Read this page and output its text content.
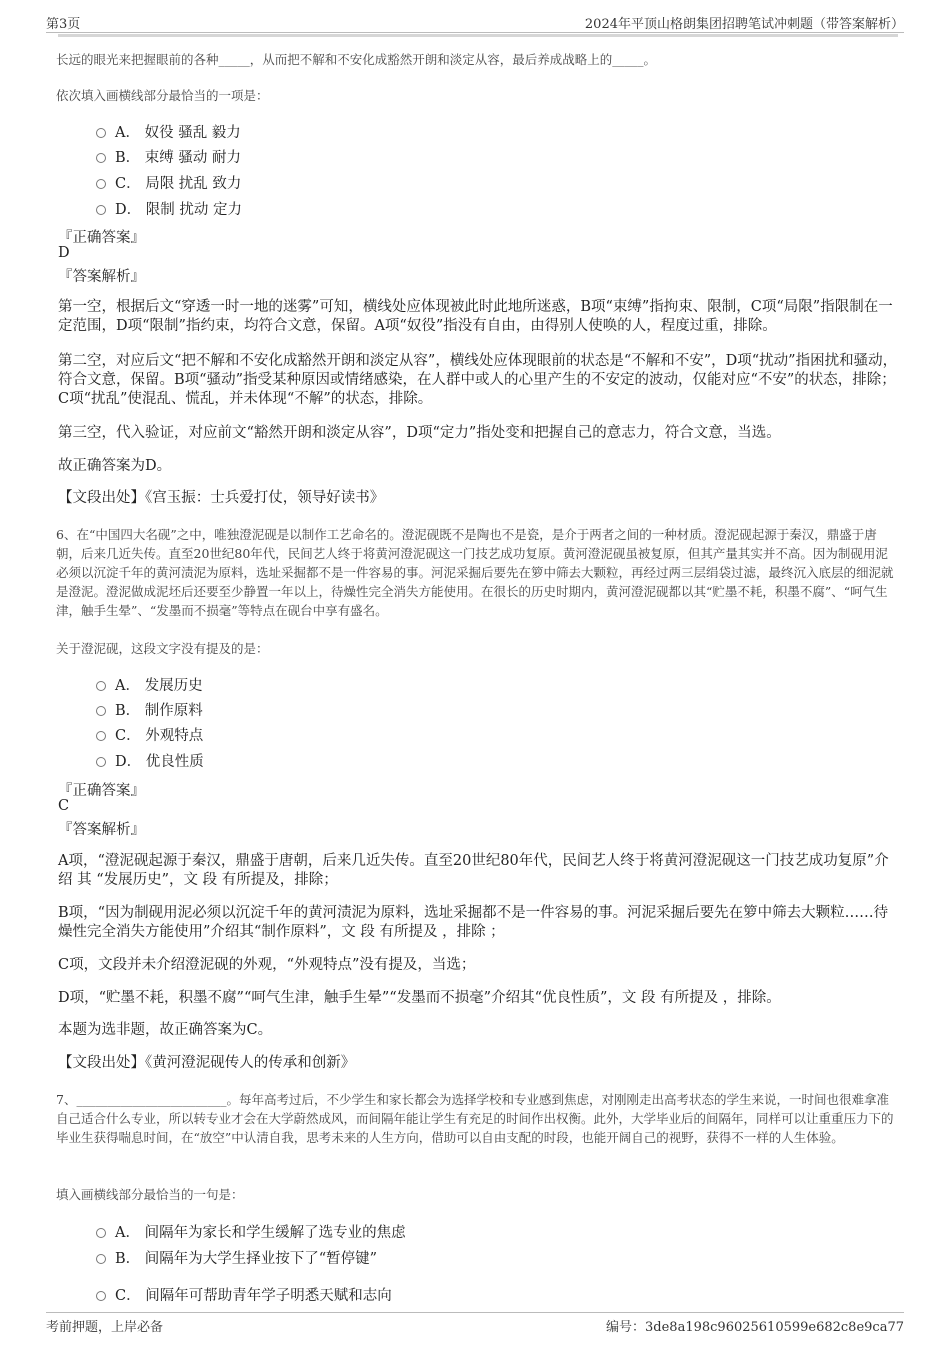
第3页	2024年平顶山格朗集团招聘笔试冲刺题（带答案解析）
长远的眼光来把握眼前的各种_____，从而把不解和不安化成豁然开朗和淡定从容，最后养成战略上的_____。
依次填入画横线部分最恰当的一项是：
A． 奴役 骚乱 毅力
B． 束缚 骚动 耐力
C． 局限 扰乱 致力
D． 限制 扰动 定力
『正确答案』
D
『答案解析』
第一空，根据后文“穿透一时一地的迷雾”可知，横线处应体现被此时此地所迷惑，B项“束缚”指拘束、限制，C项“局限”指限制在一定范围，D项“限制”指约束，均符合文意，保留。A项“奴役”指没有自由，由得别人使唤的人，程度过重，排除。
第二空，对应后文“把不解和不安化成豁然开朗和淡定从容”，横线处应体现眼前的状态是“不解和不安”，D项“扰动”指困扰和骚动，符合文意，保留。B项“骚动”指受某种原因或情绪感染，在人群中或人的心里产生的不安定的波动，仅能对应“不安”的状态，排除；C项“扰乱”使混乱、慌乱，并未体现“不解”的状态，排除。
第三空，代入验证，对应前文“豁然开朗和淡定从容”，D项“定力”指处变和把握自己的意志力，符合文意，当选。
故正确答案为D。
【文段出处】《宫玉振：士兵爱打仗，领导好读书》
6、在“中国四大名砚”之中，唯独澄泥砚是以制作工艺命名的。澄泥砚既不是陶也不是瓷，是介于两者之间的一种材质。澄泥砚起源于秦汉，鼎盛于唐朝，后来几近失传。直至20世纪80年代，民间艺人终于将黄河澄泥砚这一门技艺成功复原。黄河澄泥砚虽被复原，但其产量其实并不高。因为制砚用泥必须以沉淀千年的黄河渍泥为原料，选址采掘都不是一件容易的事。河泥采掘后要先在箩中筛去大颗粒，再经过两三层绢袋过滤，最终沉入底层的细泥就是澄泥。澄泥做成泥坯后还要至少静置一年以上，待燥性完全消失方能使用。在很长的历史时期内，黄河澄泥砚都以其“贮墨不耗，积墨不腐”、“呵气生津，触手生晕”、“发墨而不损毫”等特点在砚台中享有盛名。
关于澄泥砚，这段文字没有提及的是：
A． 发展历史
B． 制作原料
C． 外观特点
D． 优良性质
『正确答案』
C
『答案解析』
A项，“澄泥砚起源于秦汉，鼎盛于唐朝，后来几近失传。直至20世纪80年代，民间艺人终于将黄河澄泥砚这一门技艺成功复原”介绍 其 “发展历史”，文 段 有所提及，排除；
B项，“因为制砚用泥必须以沉淀千年的黄河渍泥为原料，选址采掘都不是一件容易的事。河泥采掘后要先在箩中筛去大颗粒……待燥性完全消失方能使用”介绍其“制作原料”，文 段 有所提及 ，排除 ；
C项，文段并未介绍澄泥砚的外观，“外观特点”没有提及，当选；
D项，“贮墨不耗，积墨不腐”“呵气生津，触手生晕”“发墨而不损毫”介绍其“优良性质”，文 段 有所提及 ，排除。
本题为选非题，故正确答案为C。
【文段出处】《黄河澄泥砚传人的传承和创新》
7、________________________。每年高考过后，不少学生和家长都会为选择学校和专业感到焦虑，对刚刚走出高考状态的学生来说，一时间也很难拿准自己适合什么专业，所以转专业才会在大学蔚然成风，而间隔年能让学生有充足的时间作出权衡。此外，大学毕业后的间隔年，同样可以让重重压力下的毕业生获得喘息时间，在“放空”中认清自我，思考未来的人生方向，借助可以自由支配的时段，也能开阔自己的视野，获得不一样的人生体验。
填入画横线部分最恰当的一句是：
A． 间隔年为家长和学生缓解了选专业的焦虑
B． 间隔年为大学生择业按下了“暂停键”
C． 间隔年可帮助青年学子明悉天赋和志向
考前押题，上岸必备	编号：3de8a198c96025610599e682c8e9ca77
